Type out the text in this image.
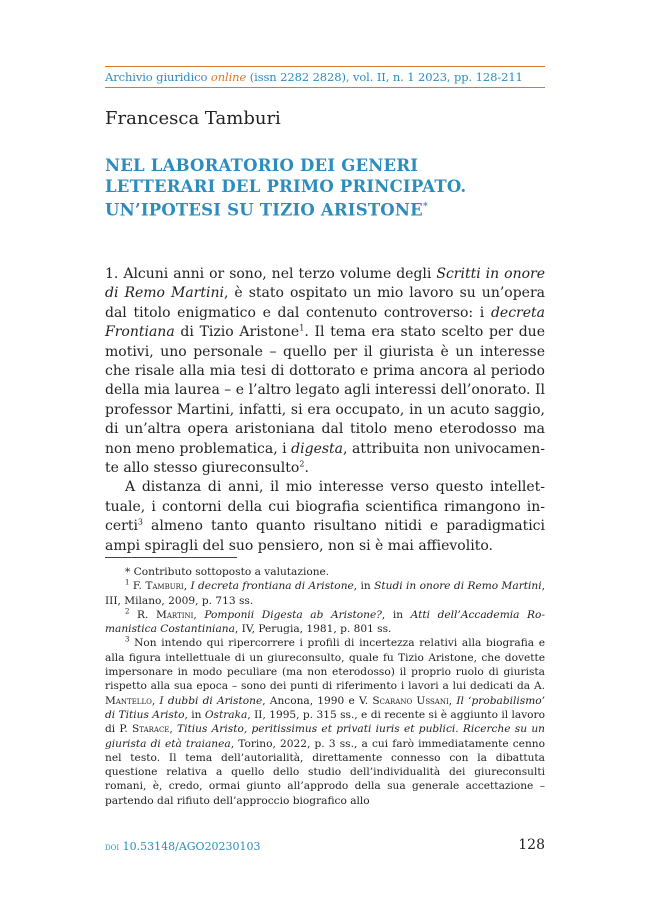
Archivio giuridico online (issn 2282 2828), vol. II, n. 1 2023, pp. 128-211
Francesca Tamburi
NEL LABORATORIO DEI GENERI
LETTERARI DEL PRIMO PRINCIPATO.
UN’IPOTESI SU TIZIO ARISTONE*

1. Alcuni anni or sono, nel terzo volume degli Scritti in onore di Remo Martini, è stato ospitato un mio lavoro su un’opera dal titolo enigmatico e dal contenuto controverso: i decreta Frontiana di Tizio Aristone$^1$. Il tema era stato scelto per due motivi, uno personale – quello per il giurista è un interesse che risale alla mia tesi di dottorato e prima ancora al periodo della mia laurea – e l’altro legato agli interessi dell’onorato. Il professor Martini, infatti, si era occupato, in un acuto saggio, di un’altra opera aristoniana dal titolo meno eterodosso ma non meno problematica, i digesta, attribuita non univocamente allo stesso giureconsulto$^2$.

A distanza di anni, il mio interesse verso questo intellettuale, i contorni della cui biografia scientifica rimangono incerti$^3$ almeno tanto quanto risultano nitidi e paradigmatici ampi spiragli del suo pensiero, non si è mai affievolito.

* Contributo sottoposto a valutazione.

$^1$ F. Tamburi, I decreta frontiana di Aristone, in Studi in onore di Remo Martini, III, Milano, 2009, p. 713 ss.

$^2$ R. Martini, Pomponii Digesta ab Aristone?, in Atti dell’Accademia Romanistica Costantiniana, IV, Perugia, 1981, p. 801 ss.

$^3$ Non intendo qui ripercorrere i profili di incertezza relativi alla biografia e alla figura intellettuale di un giureconsulto, quale fu Tizio Aristone, che dovette impersonare in modo peculiare (ma non eterodosso) il proprio ruolo di giurista rispetto alla sua epoca – sono dei punti di riferimento i lavori a lui dedicati da A. Mantello, I dubbi di Aristone, Ancona, 1990 e V. Scarano Ussani, Il ‘probabilismo’ di Titius Aristo, in Ostraka, II, 1995, p. 315 ss., e di recente si è aggiunto il lavoro di P. Starace, Titius Aristo, peritissimus et privati iuris et publici. Ricerche su un giurista di età traianea, Torino, 2022, p. 3 ss., a cui farò immediatamente cenno nel testo. Il tema dell’autorialità, direttamente connesso con la dibattuta questione relativa a quello dello studio dell’individualità dei giureconsulti romani, è, credo, ormai giunto all’approdo della sua generale accettazione – partendo dal rifiuto dell’approccio biografico allo

doi 10.53148/AGO20230103	128
